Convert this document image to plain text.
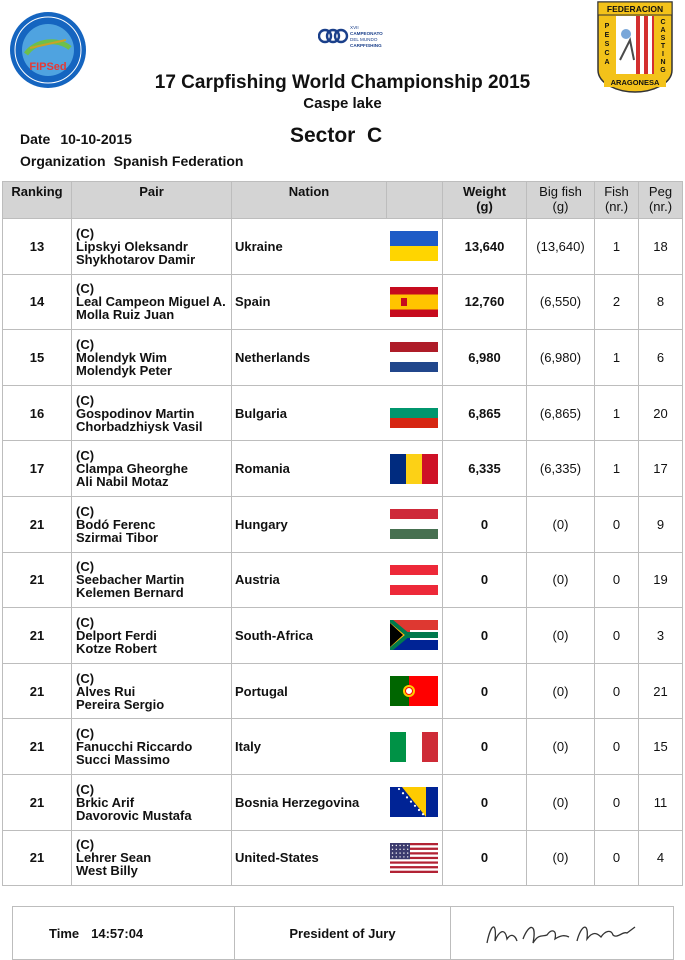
FIPSed
XVII
CAMPEONATO
DEL MUNDO
CARPFISHING
FEDERACION
P E S C A
C A S T I N G
ARAGONESA
17 Carpfishing World Championship 2015
Caspe lake
Date 10-10-2015	Sector  C
Organization Spanish Federation
Ranking	Pair	Nation		Weight
(g)	Big fish
(g)	Fish
(nr.)	Peg
(nr.)
13	(C)
Lipskyi Oleksandr
Shykhotarov Damir	Ukraine		13,640	(13,640)	1	18
14	(C)
Leal Campeon Miguel A.
Molla Ruiz Juan	Spain		12,760	(6,550)	2	8
15	(C)
Molendyk Wim
Molendyk Peter	Netherlands		6,980	(6,980)	1	6
16	(C)
Gospodinov Martin
Chorbadzhiysk Vasil	Bulgaria		6,865	(6,865)	1	20
17	(C)
Clampa Gheorghe
Ali Nabil Motaz	Romania		6,335	(6,335)	1	17
21	(C)
Bodó Ferenc
Szirmai Tibor	Hungary		0	(0)	0	9
21	(C)
Seebacher Martin
Kelemen Bernard	Austria		0	(0)	0	19
21	(C)
Delport Ferdi
Kotze Robert	South-Africa		0	(0)	0	3
21	(C)
Alves Rui
Pereira Sergio	Portugal		0	(0)	0	21
21	(C)
Fanucchi Riccardo
Succi Massimo	Italy		0	(0)	0	15
21	(C)
Brkic Arif
Davorovic Mustafa	Bosnia Herzegovina		0	(0)	0	11
21	(C)
Lehrer Sean
West Billy	United-States		0	(0)	0	4
Time 14:57:04	President of Jury
